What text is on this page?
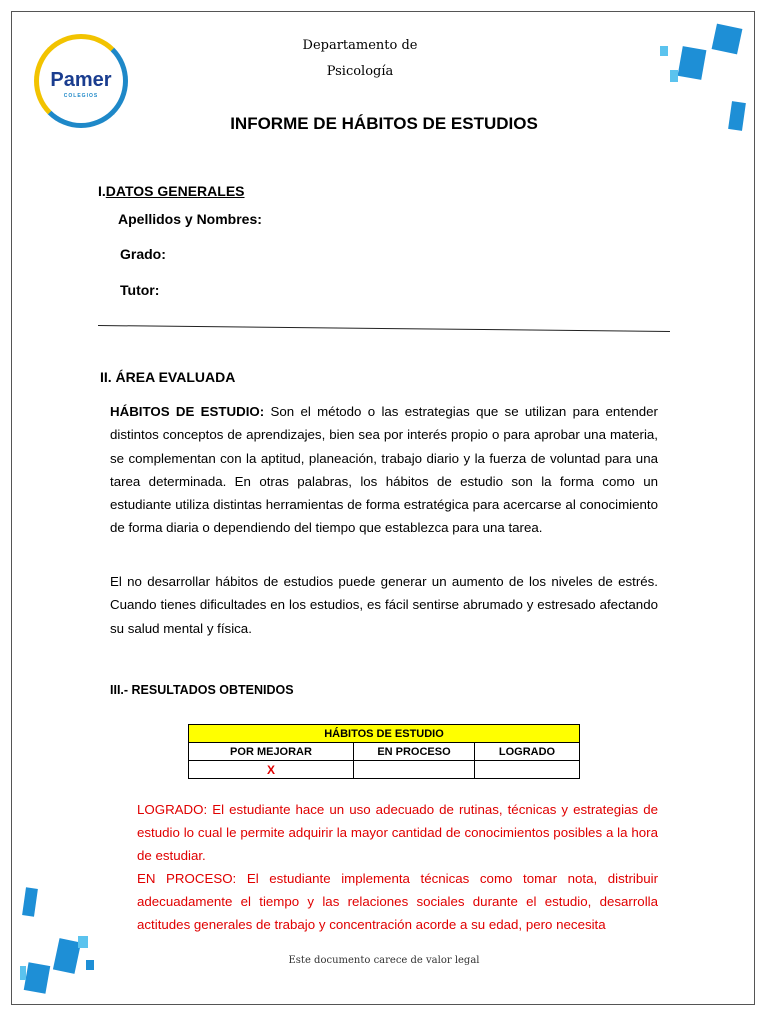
Pamer
COLEGIOS
Departamento de
Psicología
INFORME DE HÁBITOS DE ESTUDIOS
I.DATOS GENERALES
Apellidos y Nombres:
Grado:
Tutor:
II. ÁREA EVALUADA
HÁBITOS DE ESTUDIO: Son el método o las estrategias que se utilizan para entender distintos conceptos de aprendizajes, bien sea por interés propio o para aprobar una materia, se complementan con la aptitud, planeación, trabajo diario y la fuerza de voluntad para una tarea determinada. En otras palabras, los hábitos de estudio son la forma como un estudiante utiliza distintas herramientas de forma estratégica para acercarse al conocimiento de forma diaria o dependiendo del tiempo que establezca para una tarea.
El no desarrollar hábitos de estudios puede generar un aumento de los niveles de estrés. Cuando tienes dificultades en los estudios, es fácil sentirse abrumado y estresado afectando su salud mental y física.
III.- RESULTADOS OBTENIDOS
HÁBITOS DE ESTUDIO		
POR MEJORAR	EN PROCESO	LOGRADO
X		
LOGRADO: El estudiante hace un uso adecuado de rutinas, técnicas y estrategias de estudio lo cual le permite adquirir la mayor cantidad de conocimientos posibles a la hora de estudiar.
EN PROCESO: El estudiante implementa técnicas como tomar nota, distribuir adecuadamente el tiempo y las relaciones sociales durante el estudio, desarrolla actitudes generales de trabajo y concentración acorde a su edad, pero necesita
Este documento carece de valor legal
